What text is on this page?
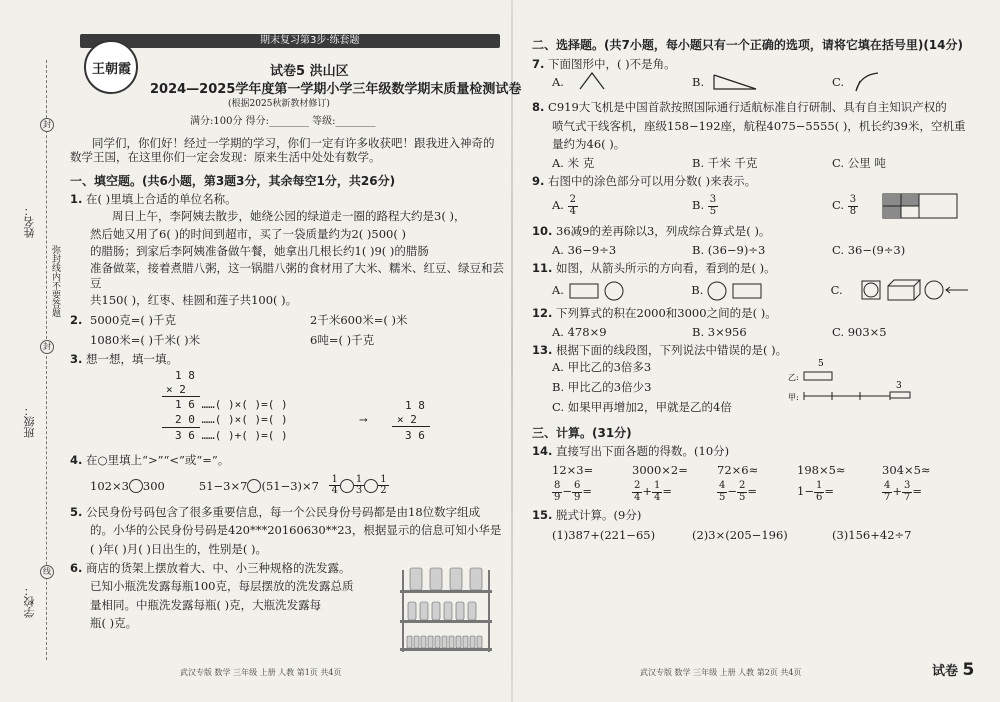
封
封
线
姓名：
弥封线内不要答题
班级：
学校：
期末复习第3步·练套题
王朝霞	试卷5 洪山区
2024—2025学年度第一学期小学三年级数学期末质量检测试卷
(根据2025秋新教材修订)
满分:100分 得分:________ 等级:________
同学们，你们好！经过一学期的学习，你们一定有许多收获吧！跟我进入神奇的
数学王国，在这里你们一定会发现：原来生活中处处有数学。
一、填空题。(共6小题，第3题3分，其余每空1分，共26分)
1. 在( )里填上合适的单位名称。
周日上午，李阿姨去散步，她绕公园的绿道走一圈的路程大约是3( )，
然后她又用了6( )的时间到超市，买了一袋质量约为2( )500( )
的腊肠；到家后李阿姨准备做午餐，她拿出几根长约1( )9( )的腊肠
准备做菜，接着煮腊八粥，这一锅腊八粥的食材用了大米、糯米、红豆、绿豆和芸豆
共150( )，红枣、桂圆和莲子共100( )。
2. 5000克=( )千克	2千米600米=( )米
1080米=( )千米( )米	6吨=( )千克
3. 想一想，填一填。
1 8
× 2
1 6 ……( )×( )=( )
2 0 ……( )×( )=( )
3 6 ……( )+( )=( )
⟶
1 8
× 2
3 6
4. 在○里填上“>”“<”或“=”。
102×3 300	51−3×7 (51−3)×7	$\frac{1}{4} \frac{1}{3} \frac{1}{2}$
5. 公民身份号码包含了很多重要信息，每一个公民身份号码都是由18位数字组成
的。小华的公民身份号码是420***20160630**23，根据显示的信息可知小华是
( )年( )月( )日出生的，性别是( )。
6. 商店的货架上摆放着大、中、小三种规格的洗发露。
已知小瓶洗发露每瓶100克，每层摆放的洗发露总质
量相同。中瓶洗发露每瓶( )克，大瓶洗发露每
瓶( )克。
二、选择题。(共7小题，每小题只有一个正确的选项，请将它填在括号里)(14分)
7. 下面图形中，( )不是角。
A.	B.	C.
8. C919大飞机是中国首款按照国际通行适航标准自行研制、具有自主知识产权的
喷气式干线客机，座级158−192座，航程4075−5555( )，机长约39米，空机重
量约为46( )。
A. 米 克	B. 千米 千克	C. 公里 吨
9. 右图中的涂色部分可以用分数( )来表示。
A. $\frac{2}{4}$	B. $\frac{3}{5}$	C. $\frac{3}{8}$
10. 36减9的差再除以3，列成综合算式是( )。
A. 36−9÷3	B. (36−9)÷3	C. 36−(9÷3)
11. 如图，从箭头所示的方向看，看到的是( )。
A.	B.	C.
12. 下列算式的积在2000和3000之间的是( )。
A. 478×9	B. 3×956	C. 903×5
13. 根据下面的线段图，下列说法中错误的是( )。
A. 甲比乙的3倍多3
B. 甲比乙的3倍少3
C. 如果甲再增加2，甲就是乙的4倍
5
3
乙:
甲:
三、计算。(31分)
14. 直接写出下面各题的得数。(10分)
12×3=	3000×2=	72×6≈	198×5≈	304×5≈
$\frac{8}{9} - \frac{6}{9}$ =	$\frac{2}{4} + \frac{1}{4}$ =	$\frac{4}{5} - \frac{2}{5}$ =	$1- \frac{1}{6}$ =	$\frac{4}{7} + \frac{3}{7}$ =
15. 脱式计算。(9分)
(1)387+(221−65)	(2)3×(205−196)	(3)156+42÷7
武汉专版 数学 三年级 上册 人教 第1页 共4页	武汉专版 数学 三年级 上册 人教 第2页 共4页	试卷 5
